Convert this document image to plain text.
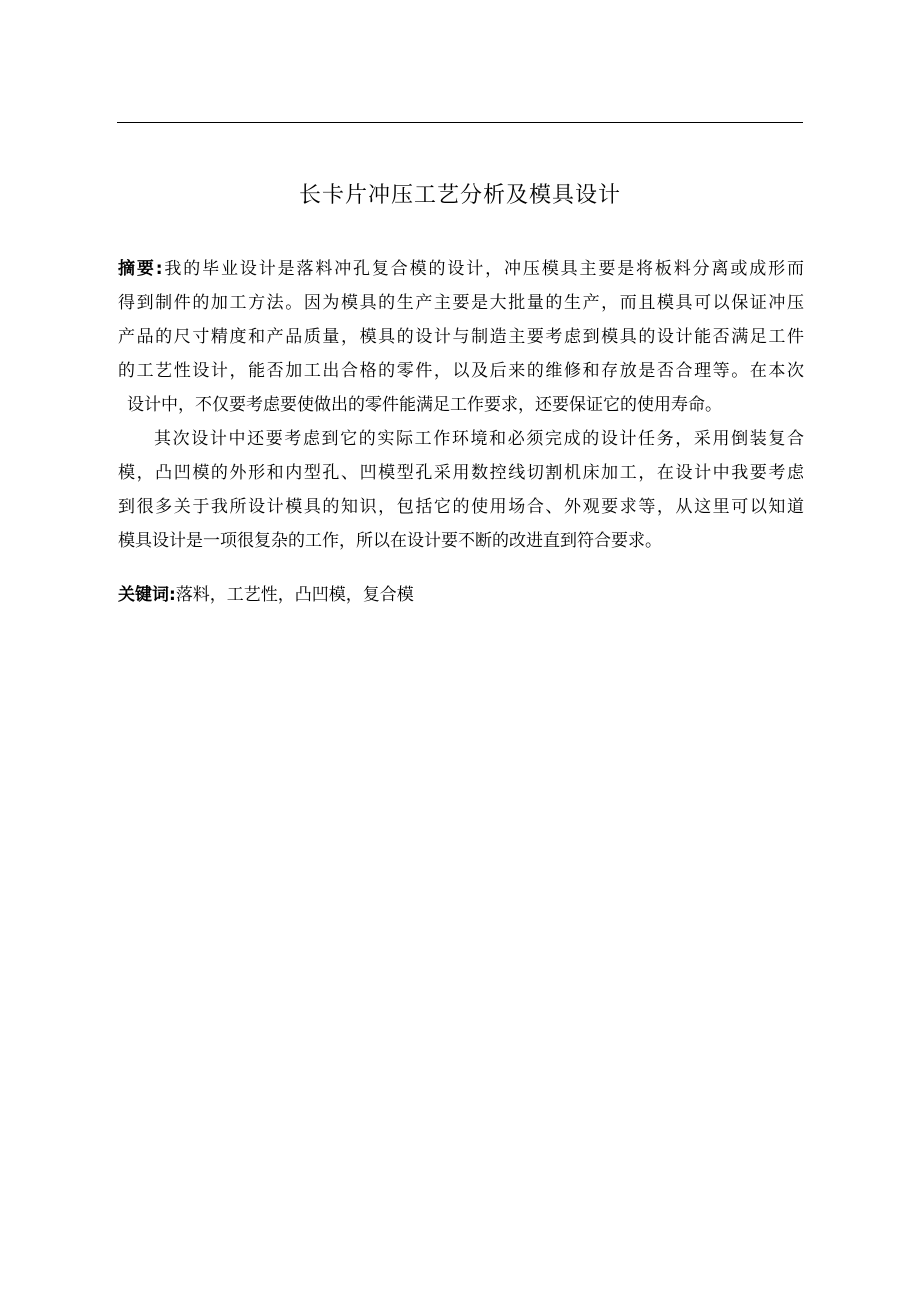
长卡片冲压工艺分析及模具设计

摘要:我的毕业设计是落料冲孔复合模的设计，冲压模具主要是将板料分离或成形而
得到制件的加工方法。因为模具的生产主要是大批量的生产，而且模具可以保证冲压
产品的尺寸精度和产品质量，模具的设计与制造主要考虑到模具的设计能否满足工件
的工艺性设计，能否加工出合格的零件，以及后来的维修和存放是否合理等。在本次
设计中，不仅要考虑要使做出的零件能满足工作要求，还要保证它的使用寿命。

其次设计中还要考虑到它的实际工作环境和必须完成的设计任务，采用倒装复合
模，凸凹模的外形和内型孔、凹模型孔采用数控线切割机床加工，在设计中我要考虑
到很多关于我所设计模具的知识，包括它的使用场合、外观要求等，从这里可以知道
模具设计是一项很复杂的工作，所以在设计要不断的改进直到符合要求。

关键词:落料，工艺性，凸凹模，复合模
